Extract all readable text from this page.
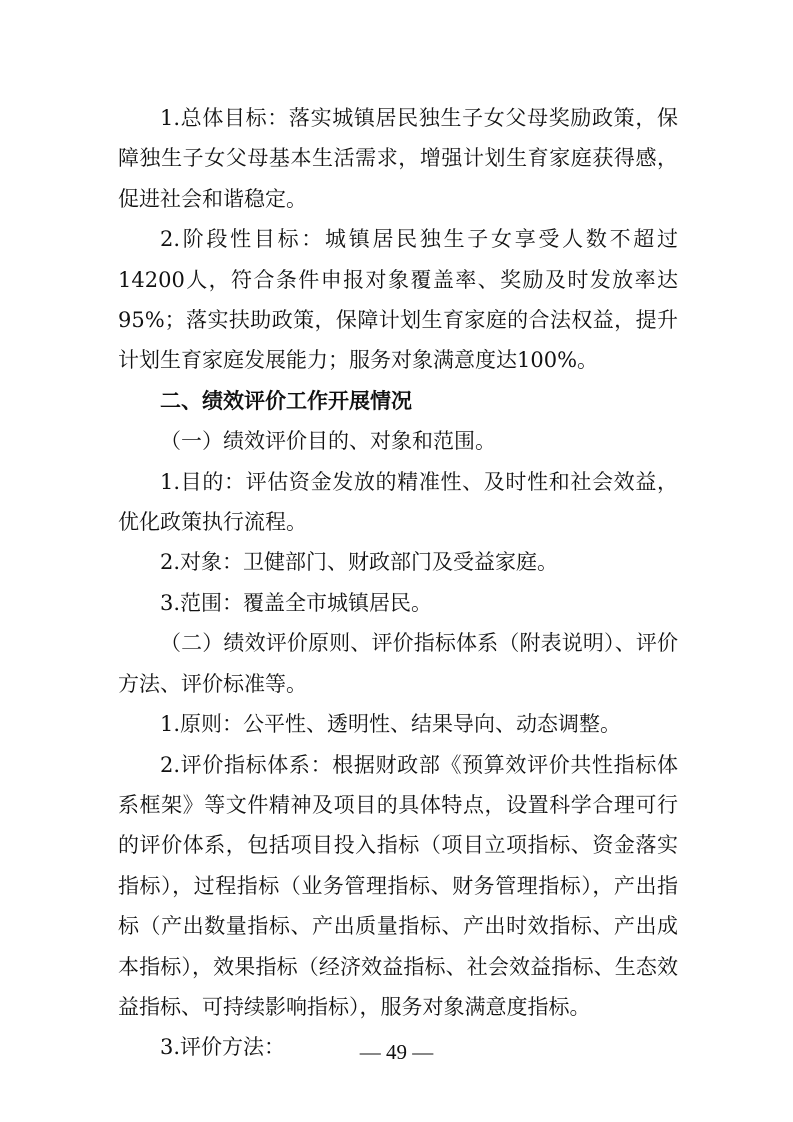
1.总体目标：落实城镇居民独生子女父母奖励政策，保障独生子女父母基本生活需求，增强计划生育家庭获得感，促进社会和谐稳定。

2.阶段性目标：城镇居民独生子女享受人数不超过14200人，符合条件申报对象覆盖率、奖励及时发放率达95%；落实扶助政策，保障计划生育家庭的合法权益，提升计划生育家庭发展能力；服务对象满意度达100%。

二、绩效评价工作开展情况

（一）绩效评价目的、对象和范围。

1.目的：评估资金发放的精准性、及时性和社会效益，优化政策执行流程。

2.对象：卫健部门、财政部门及受益家庭。

3.范围：覆盖全市城镇居民。

（二）绩效评价原则、评价指标体系（附表说明）、评价方法、评价标准等。

1.原则：公平性、透明性、结果导向、动态调整。

2.评价指标体系：根据财政部《预算效评价共性指标体系框架》等文件精神及项目的具体特点，设置科学合理可行的评价体系，包括项目投入指标（项目立项指标、资金落实指标），过程指标（业务管理指标、财务管理指标），产出指标（产出数量指标、产出质量指标、产出时效指标、产出成本指标），效果指标（经济效益指标、社会效益指标、生态效益指标、可持续影响指标），服务对象满意度指标。

3.评价方法：	— 49 —
